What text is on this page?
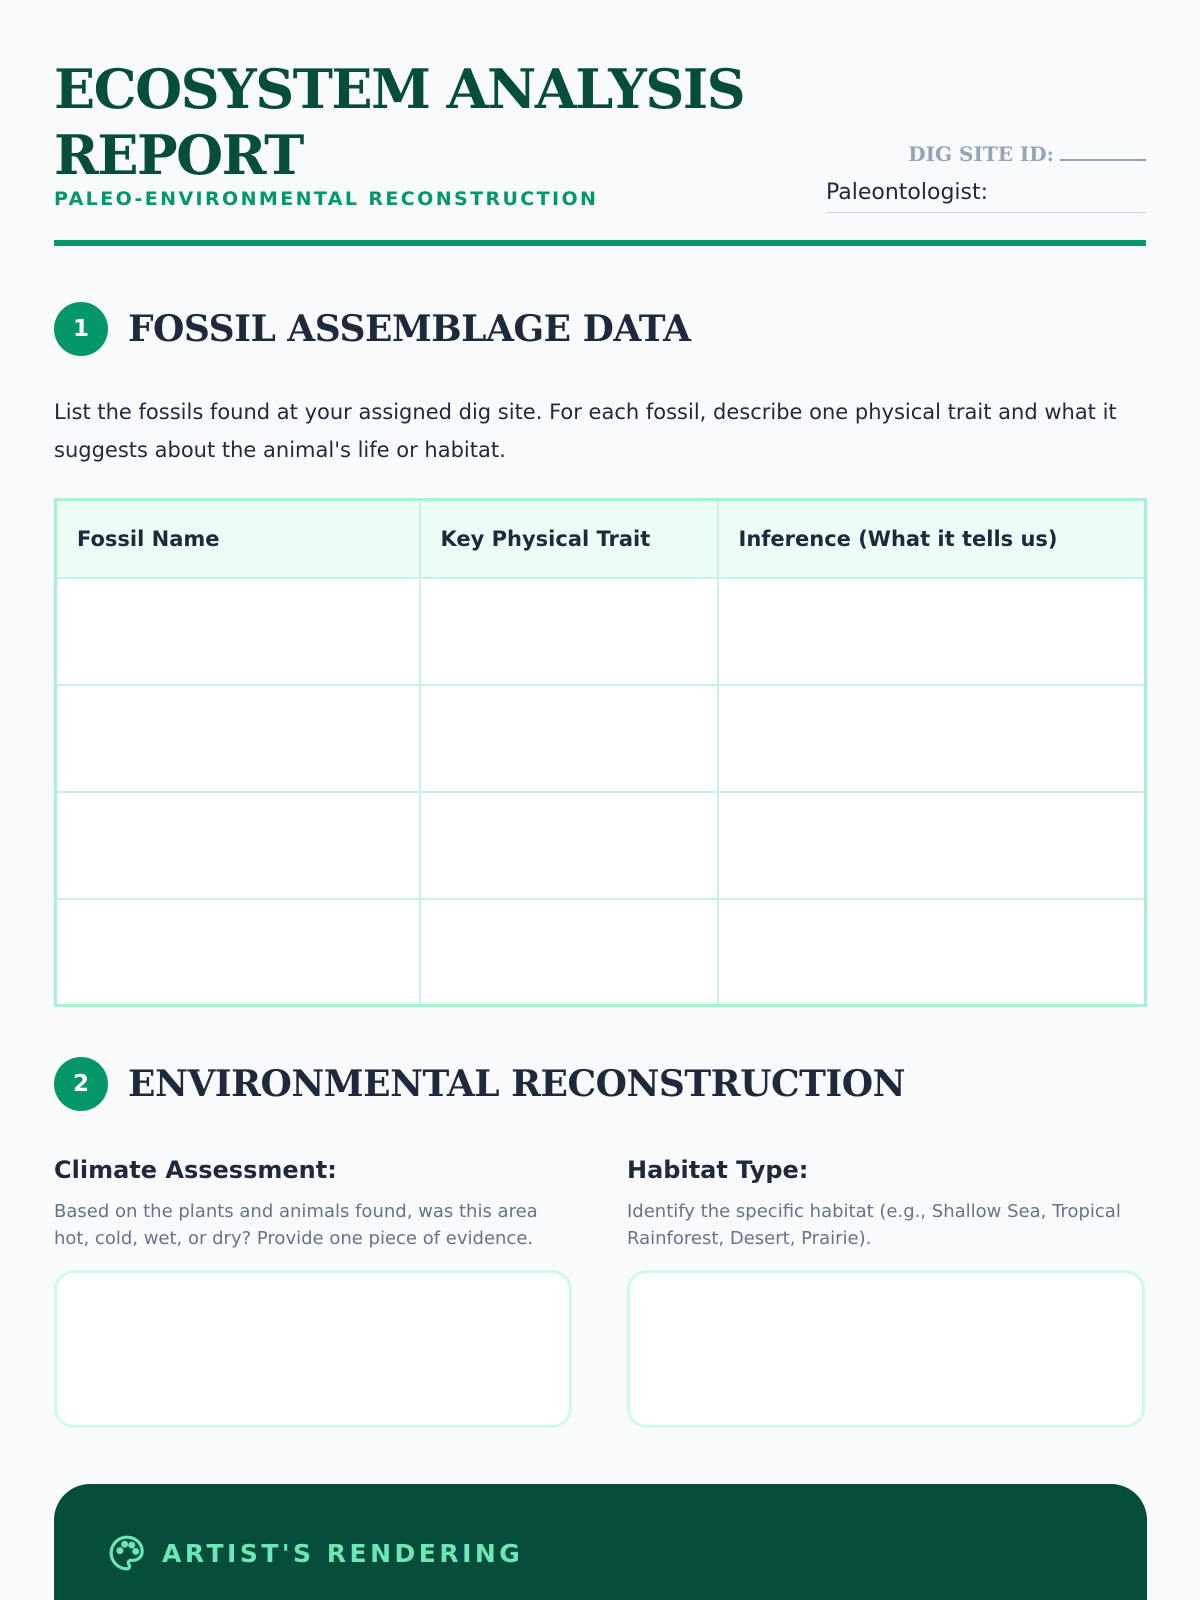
ECOSYSTEM ANALYSIS REPORT
PALEO-ENVIRONMENTAL RECONSTRUCTION
DIG SITE ID:
Paleontologist:
1	FOSSIL ASSEMBLAGE DATA

List the fossils found at your assigned dig site. For each fossil, describe one physical trait and what it suggests about the animal's life or habitat.

Fossil Name	Key Physical Trait	Inference (What it tells us)

2	ENVIRONMENTAL RECONSTRUCTION
Climate Assessment:
Based on the plants and animals found, was this area hot, cold, wet, or dry? Provide one piece of evidence.
Habitat Type:
Identify the specific habitat (e.g., Shallow Sea, Tropical Rainforest, Desert, Prairie).
ARTIST'S RENDERING
